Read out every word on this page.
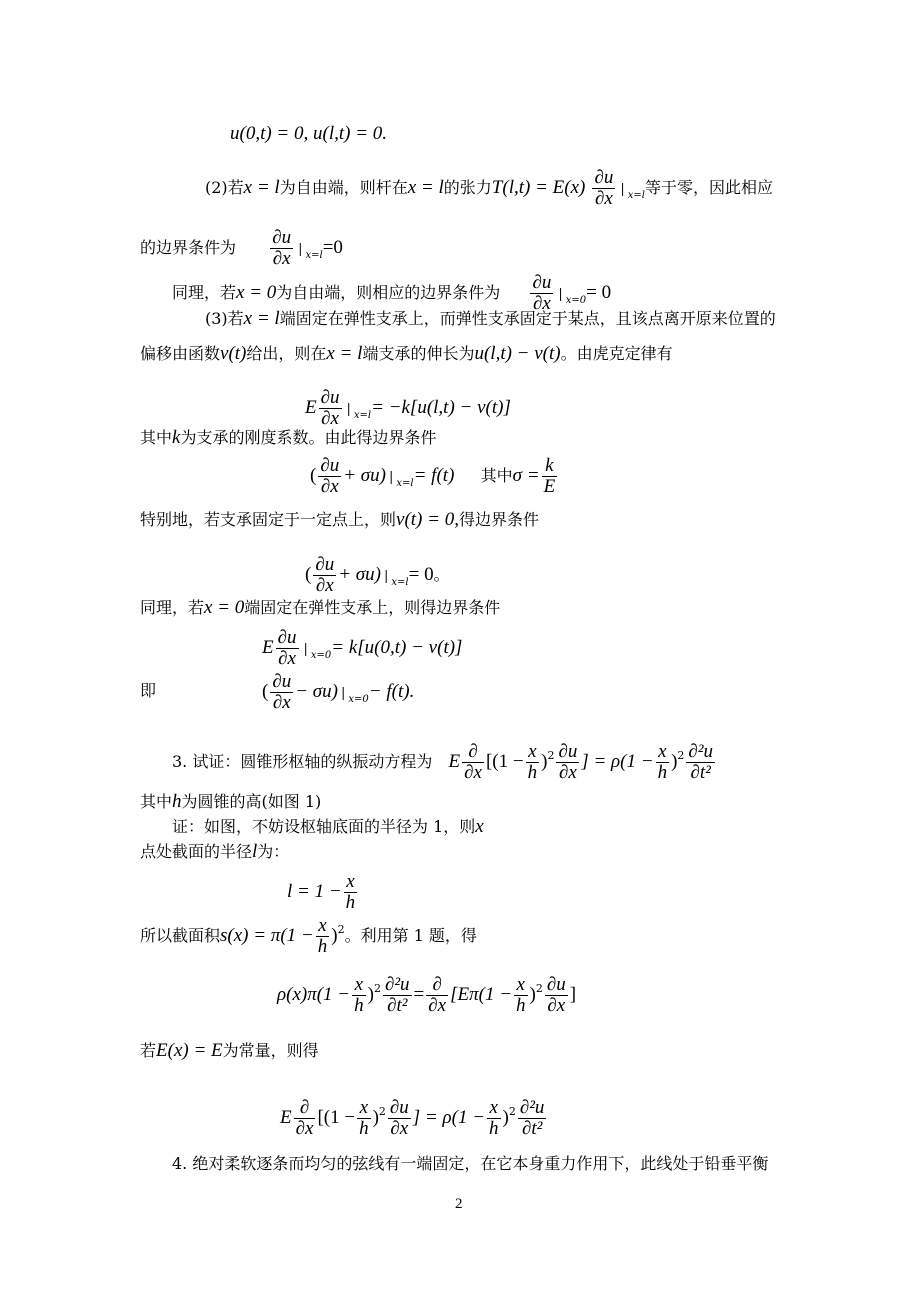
u(0,t) = 0, u(l,t) = 0.
(2)若x = l为自由端，则杆在x = l的张力$T(l,t) = E(x) \frac{\partial u}{\partial x}$ | $_{x=l}$等于零，因此相应
的边界条件为 $\frac{\partial u}{\partial x}$ | $_{x=l}$=0
同理，若x = 0为自由端，则相应的边界条件为 $\frac{\partial u}{\partial x}$ | $_{x=0}$= 0
(3)若x = l端固定在弹性支承上，而弹性支承固定于某点，且该点离开原来位置的
偏移由函数v(t)给出，则在x = l端支承的伸长为u(l,t) − v(t)。由虎克定律有
E $\frac{\partial u}{\partial x}$ | $_{x=l}$= −k[u(l,t) − v(t)]
其中k为支承的刚度系数。由此得边界条件
( $\frac{\partial u}{\partial x} + \sigma u$) | $_{x=l}$= f(t) 其中$\sigma = \frac{k}{E}$
特别地，若支承固定于一定点上，则v(t) = 0,得边界条件
( $\frac{\partial u}{\partial x} + \sigma u$) | $_{x=l}$= 0。
同理，若x = 0端固定在弹性支承上，则得边界条件
E $\frac{\partial u}{\partial x}$ | $_{x=0}$= k[u(0,t) − v(t)]
即	( $\frac{\partial u}{\partial x} - \sigma u$) | $_{x=0}$− f(t).
3. 试证：圆锥形枢轴的纵振动方程为 E $\frac{\partial}{\partial x} [(1 - \frac{x}{h} )^2 \frac{\partial u}{\partial x}$ ] = $\rho(1 - \frac{x}{h} )^2 \frac{\text{∂²u}}{\text{∂t²}}$
其中h为圆锥的高(如图 1)
证：如图，不妨设枢轴底面的半径为 1，则x
点处截面的半径l为：
$l = 1 - \frac{x}{h}$
所以截面积$s(x) = \pi(1 - \frac{x}{h} )^2$。利用第 1 题，得
$\rho(x)\pi(1 - \frac{x}{h} )^2 \frac{\text{∂²u}}{\text{∂t²}} = \frac{\partial}{\partial x} [E\pi(1 - \frac{x}{h} )^2 \frac{\partial u}{\partial x}$ ]
若E(x) = E为常量，则得
E $\frac{\partial}{\partial x} [(1 - \frac{x}{h} )^2 \frac{\partial u}{\partial x}$ ] = $\rho(1 - \frac{x}{h} )^2 \frac{\text{∂²u}}{\text{∂t²}}$
4. 绝对柔软逐条而均匀的弦线有一端固定，在它本身重力作用下，此线处于铅垂平衡
2
